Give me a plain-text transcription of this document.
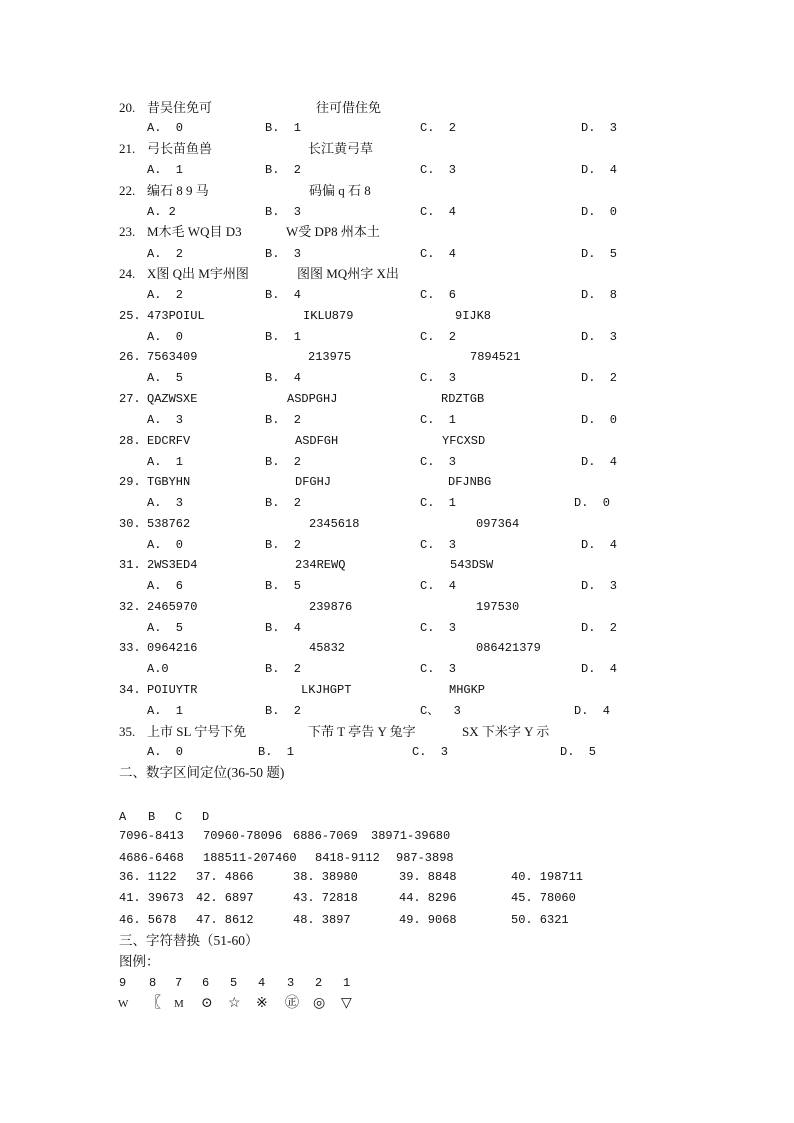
20. 昔吴住免可	往可借住免
A.  0	B.  1	C.  2	D.  3
21. 弓长苗鱼兽	长江黄弓草
A.  1	B.  2	C.  3	D.  4
22. 编石 8 9 马	码偏 q 石 8
A. 2	B.  3	C.  4	D.  0
23. M木毛 WQ目 D3	W受 DP8 州本土
A.  2	B.  3	C.  4	D.  5
24. X图 Q出 M宇州图	图图 MQ州字 X出
A.  2	B.  4	C.  6	D.  8
25. 473POIUL	IKLU879	9IJK8
A.  0	B.  1	C.  2	D.  3
26. 7563409	213975	7894521
A.  5	B.  4	C.  3	D.  2
27. QAZWSXE	ASDPGHJ	RDZTGB
A.  3	B.  2	C.  1	D.  0
28. EDCRFV	ASDFGH	YFCXSD
A.  1	B.  2	C.  3	D.  4
29. TGBYHN	DFGHJ	DFJNBG
A.  3	B.  2	C.  1	D.  0
30. 538762	2345618	097364
A.  0	B.  2	C.  3	D.  4
31. 2WS3ED4	234REWQ	543DSW
A.  6	B.  5	C.  4	D.  3
32. 2465970	239876	197530
A.  5	B.  4	C.  3	D.  2
33. 0964216	45832	086421379
A.0	B.  2	C.  3	D.  4
34. POIUYTR	LKJHGPT	MHGKP
A.  1	B.  2	C、  3	D.  4
35. 上市 SL 宁号下免	下芾 T 亭告 Y 兔字	SX 下米字 Y 示
A.  0	B.  1	C.  3	D.  5
二、数字区间定位(36-50 题)
A B C D
7096-8413 70960-78096 6886-7069 38971-39680
4686-6468 188511-207460 8418-9112 987-3898
36. 1122 37. 4866	38. 38980	39. 8848	40. 198711
41. 39673 42. 6897	43. 72818	44. 8296	45. 78060
46. 5678 47. 8612	48. 3897	49. 9068	50. 6321
三、字符替换（51-60）
图例：
9 8 7 6 5 4 3 2 1
W 〖 M ⊙ ☆ ※ ㊣ ◎ ▽
